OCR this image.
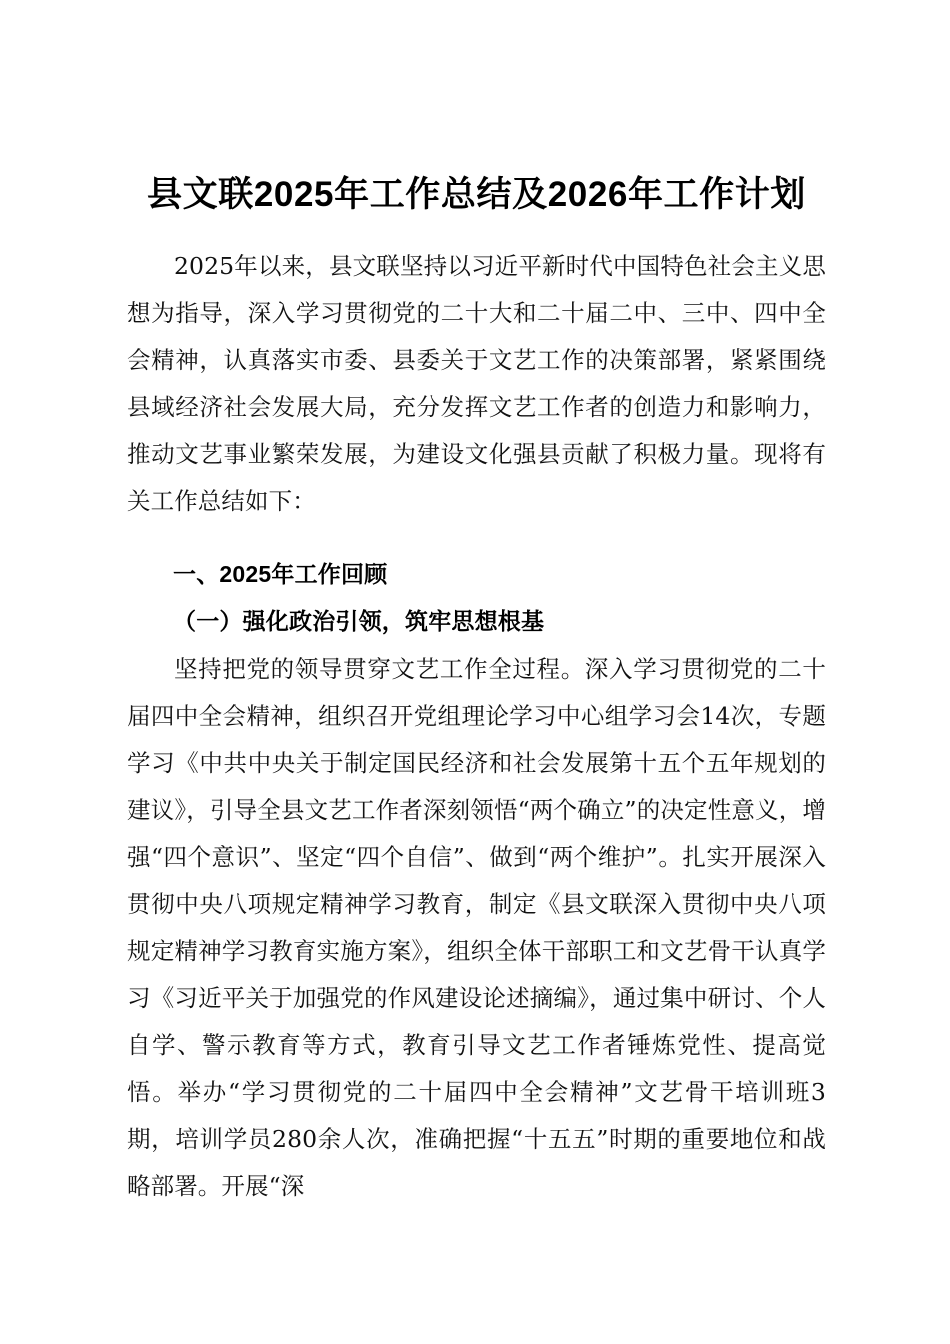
县文联2025年工作总结及2026年工作计划

2025年以来，县文联坚持以习近平新时代中国特色社会主义思想为指导，深入学习贯彻党的二十大和二十届二中、三中、四中全会精神，认真落实市委、县委关于文艺工作的决策部署，紧紧围绕县域经济社会发展大局，充分发挥文艺工作者的创造力和影响力，推动文艺事业繁荣发展，为建设文化强县贡献了积极力量。现将有关工作总结如下：

一、2025年工作回顾
（一）强化政治引领，筑牢思想根基

坚持把党的领导贯穿文艺工作全过程。深入学习贯彻党的二十届四中全会精神，组织召开党组理论学习中心组学习会14次，专题学习《中共中央关于制定国民经济和社会发展第十五个五年规划的建议》，引导全县文艺工作者深刻领悟“两个确立”的决定性意义，增强“四个意识”、坚定“四个自信”、做到“两个维护”。扎实开展深入贯彻中央八项规定精神学习教育，制定《县文联深入贯彻中央八项规定精神学习教育实施方案》，组织全体干部职工和文艺骨干认真学习《习近平关于加强党的作风建设论述摘编》，通过集中研讨、个人自学、警示教育等方式，教育引导文艺工作者锤炼党性、提高觉悟。举办“学习贯彻党的二十届四中全会精神”文艺骨干培训班3期，培训学员280余人次，准确把握“十五五”时期的重要地位和战略部署。开展“深
